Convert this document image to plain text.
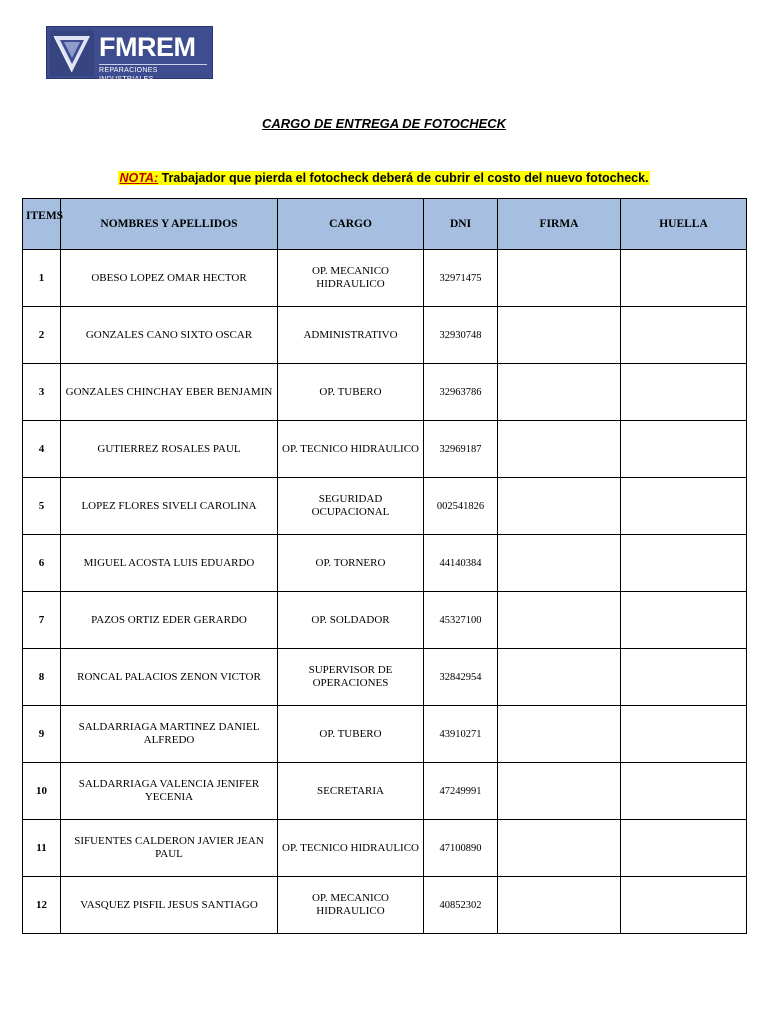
FMREM
REPARACIONES INDUSTRIALES
CARGO DE ENTREGA DE FOTOCHECK

NOTA: Trabajador que pierda el fotocheck deberá de cubrir el costo del nuevo fotocheck.

ITEMS	NOMBRES Y APELLIDOS	CARGO	DNI	FIRMA	HUELLA
1	OBESO LOPEZ OMAR HECTOR	OP. MECANICO HIDRAULICO	32971475		
2	GONZALES CANO SIXTO OSCAR	ADMINISTRATIVO	32930748		
3	GONZALES CHINCHAY EBER BENJAMIN	OP. TUBERO	32963786		
4	GUTIERREZ ROSALES PAUL	OP. TECNICO HIDRAULICO	32969187		
5	LOPEZ FLORES SIVELI CAROLINA	SEGURIDAD OCUPACIONAL	002541826		
6	MIGUEL ACOSTA LUIS EDUARDO	OP. TORNERO	44140384		
7	PAZOS ORTIZ EDER GERARDO	OP. SOLDADOR	45327100		
8	RONCAL PALACIOS ZENON VICTOR	SUPERVISOR DE OPERACIONES	32842954		
9	SALDARRIAGA MARTINEZ DANIEL ALFREDO	OP. TUBERO	43910271		
10	SALDARRIAGA VALENCIA JENIFER YECENIA	SECRETARIA	47249991		
11	SIFUENTES CALDERON JAVIER JEAN PAUL	OP. TECNICO HIDRAULICO	47100890		
12	VASQUEZ PISFIL JESUS SANTIAGO	OP. MECANICO HIDRAULICO	40852302		
